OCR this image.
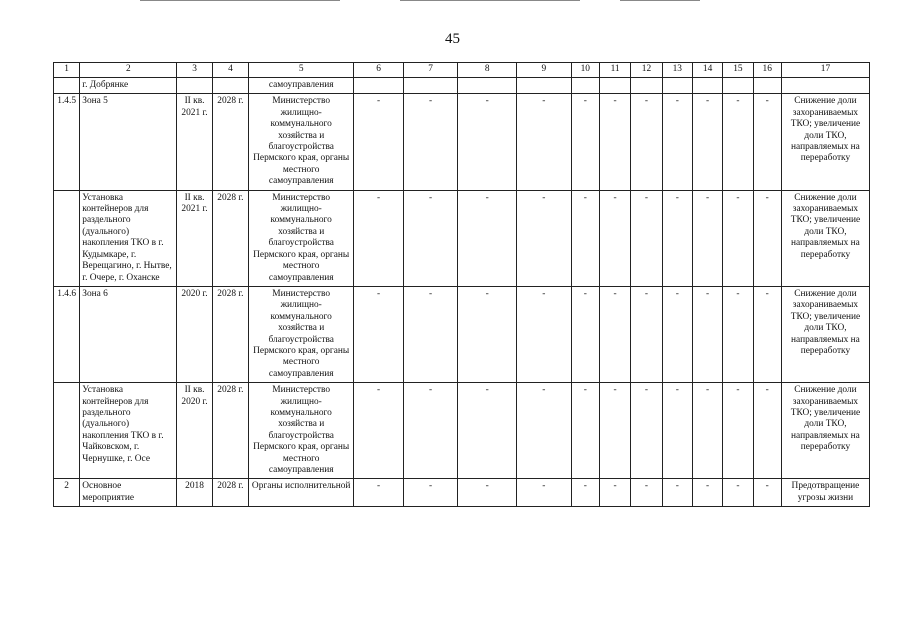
45
1	2	3	4	5	6	7	8	9	10	11	12	13	14	15	16	17
	г. Добрянке			самоуправления												
1.4.5	Зона 5	II кв. 2021 г.	2028 г.	Министерство жилищно-коммунального хозяйства и благоустройства Пермского края, органы местного самоуправления	-	-	-	-	-	-	-	-	-	-	-	Снижение доли захораниваемых ТКО; увеличение доли ТКО, направляемых на переработку
	Установка контейнеров для раздельного (дуального) накопления ТКО в г. Кудымкаре, г. Верещагино, г. Нытве, г. Очере, г. Оханске	II кв. 2021 г.	2028 г.	Министерство жилищно-коммунального хозяйства и благоустройства Пермского края, органы местного самоуправления	-	-	-	-	-	-	-	-	-	-	-	Снижение доли захораниваемых ТКО; увеличение доли ТКО, направляемых на переработку
1.4.6	Зона 6	2020 г.	2028 г.	Министерство жилищно-коммунального хозяйства и благоустройства Пермского края, органы местного самоуправления	-	-	-	-	-	-	-	-	-	-	-	Снижение доли захораниваемых ТКО; увеличение доли ТКО, направляемых на переработку
	Установка контейнеров для раздельного (дуального) накопления ТКО в г. Чайковском, г. Чернушке, г. Осе	II кв. 2020 г.	2028 г.	Министерство жилищно-коммунального хозяйства и благоустройства Пермского края, органы местного самоуправления	-	-	-	-	-	-	-	-	-	-	-	Снижение доли захораниваемых ТКО; увеличение доли ТКО, направляемых на переработку
2	Основное мероприятие	2018	2028 г.	Органы исполнительной	-	-	-	-	-	-	-	-	-	-	-	Предотвращение угрозы жизни
